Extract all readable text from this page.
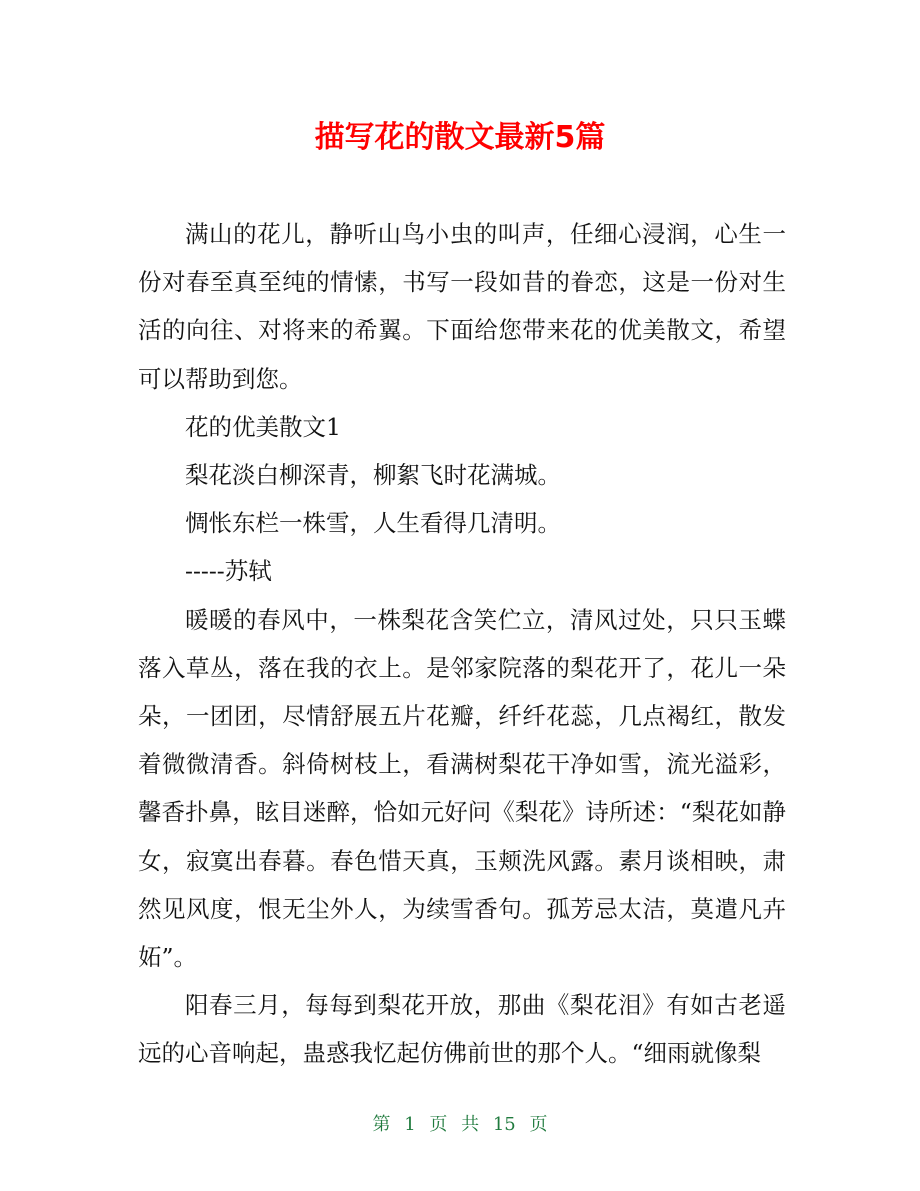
描写花的散文最新5篇

满山的花儿，静听山鸟小虫的叫声，任细心浸润，心生一份对春至真至纯的情愫，书写一段如昔的眷恋，这是一份对生活的向往、对将来的希翼。下面给您带来花的优美散文，希望可以帮助到您。

花的优美散文1

梨花淡白柳深青，柳絮飞时花满城。

惆怅东栏一株雪，人生看得几清明。

-----苏轼

暖暖的春风中，一株梨花含笑伫立，清风过处，只只玉蝶落入草丛，落在我的衣上。是邻家院落的梨花开了，花儿一朵朵，一团团，尽情舒展五片花瓣，纤纤花蕊，几点褐红，散发着微微清香。斜倚树枝上，看满树梨花干净如雪，流光溢彩，馨香扑鼻，眩目迷醉，恰如元好问《梨花》诗所述：“梨花如静女，寂寞出春暮。春色惜天真，玉颊洗风露。素月谈相映，肃然见风度，恨无尘外人，为续雪香句。孤芳忌太洁，莫遣凡卉妬”。

阳春三月，每每到梨花开放，那曲《梨花泪》有如古老遥远的心音响起，蛊惑我忆起仿佛前世的那个人。“细雨就像梨

第 1 页 共 15 页
